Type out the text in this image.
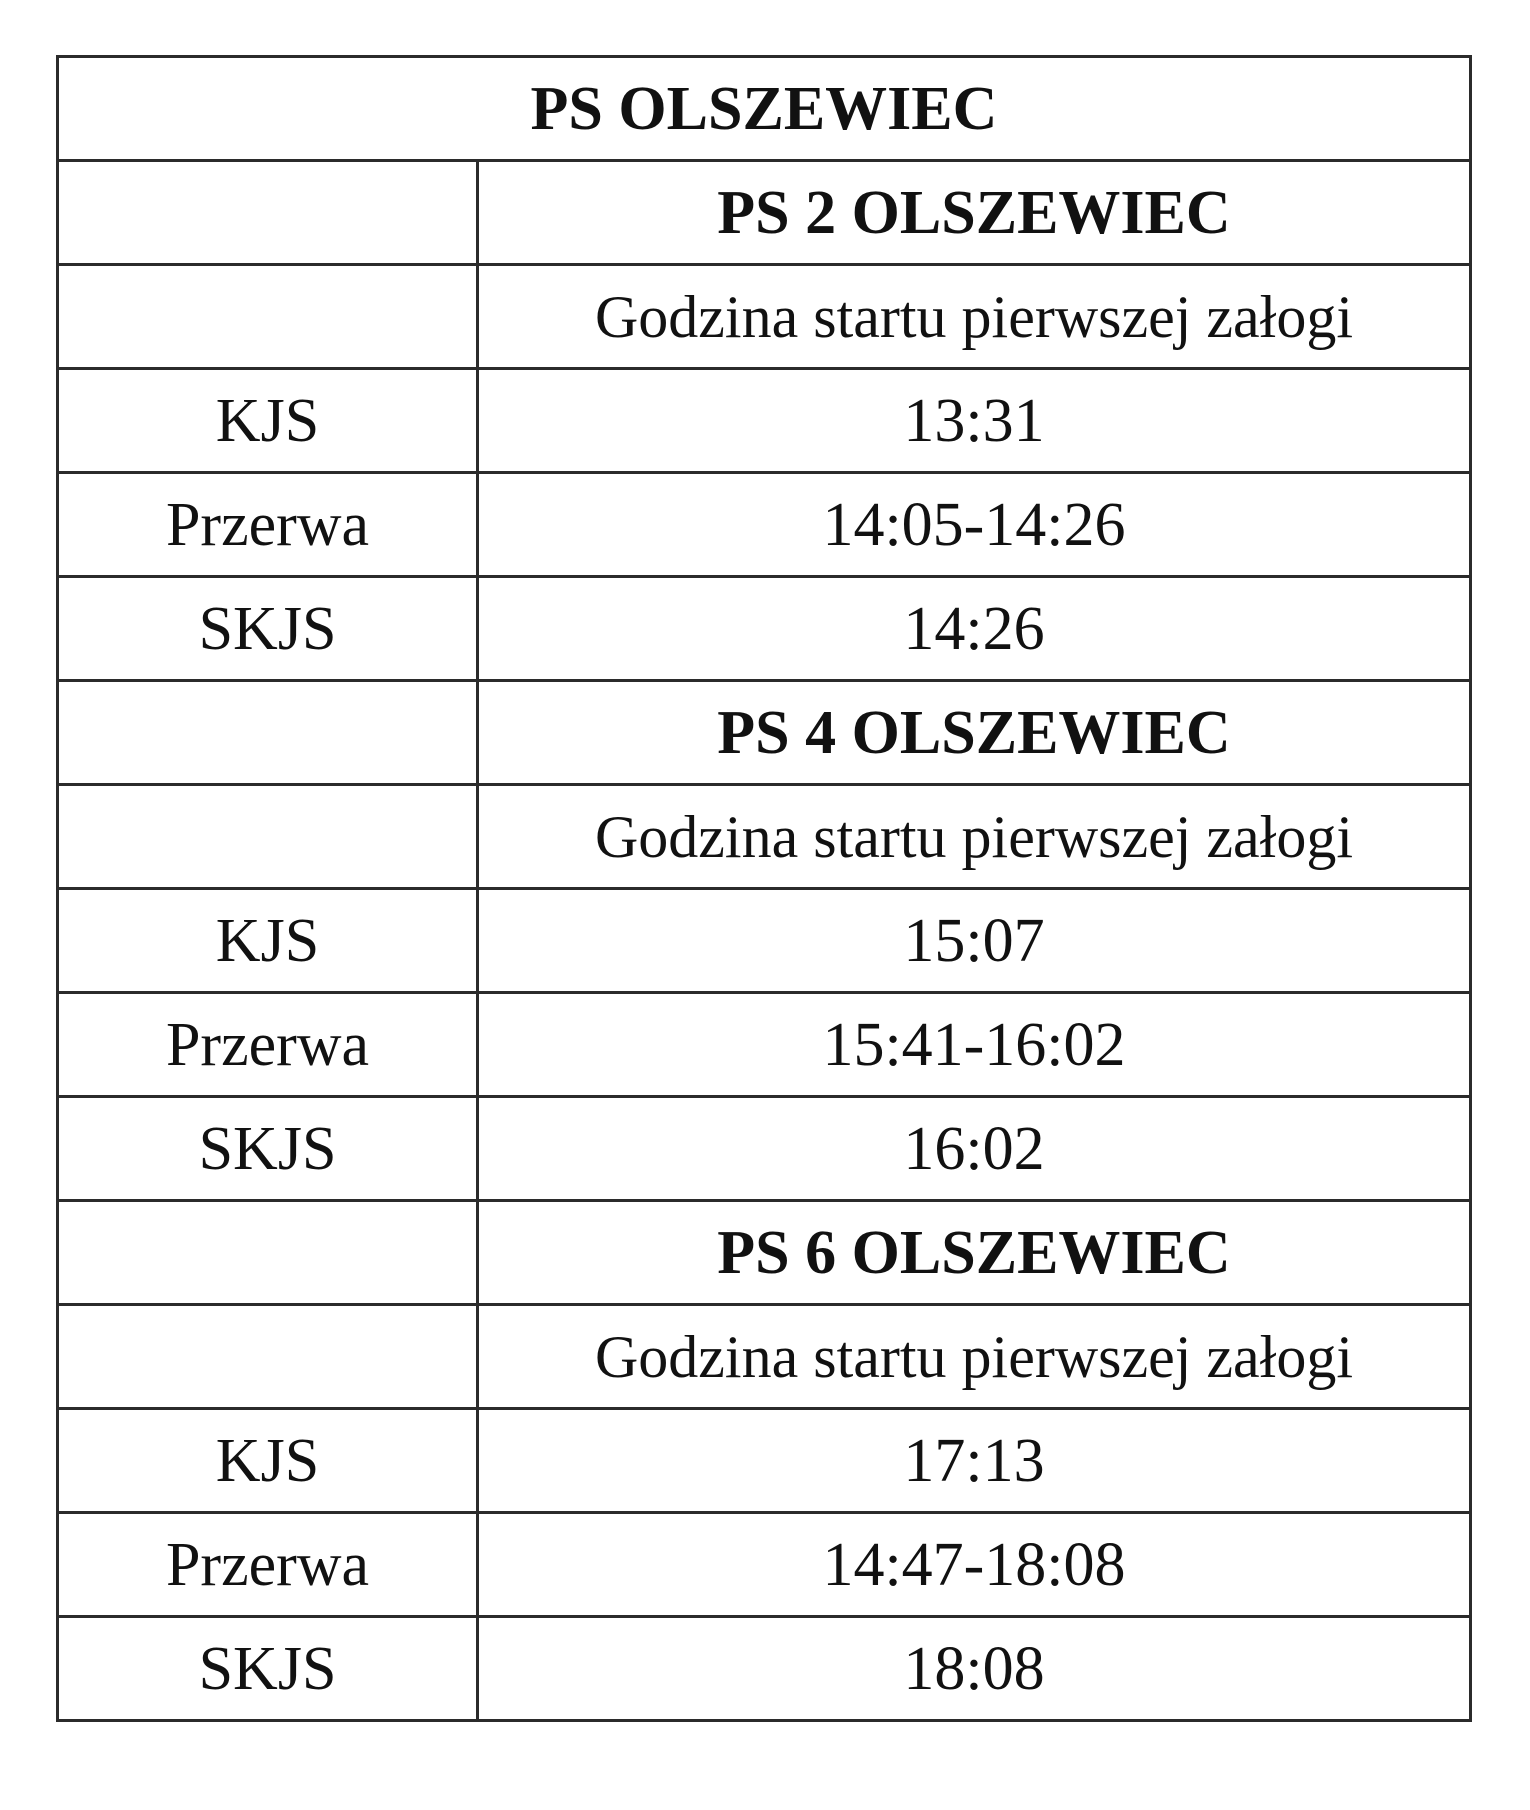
PS OLSZEWIEC	
	PS 2 OLSZEWIEC
	Godzina startu pierwszej załogi
KJS	13:31
Przerwa	14:05-14:26
SKJS	14:26
	PS 4 OLSZEWIEC
	Godzina startu pierwszej załogi
KJS	15:07
Przerwa	15:41-16:02
SKJS	16:02
	PS 6 OLSZEWIEC
	Godzina startu pierwszej załogi
KJS	17:13
Przerwa	14:47-18:08
SKJS	18:08
